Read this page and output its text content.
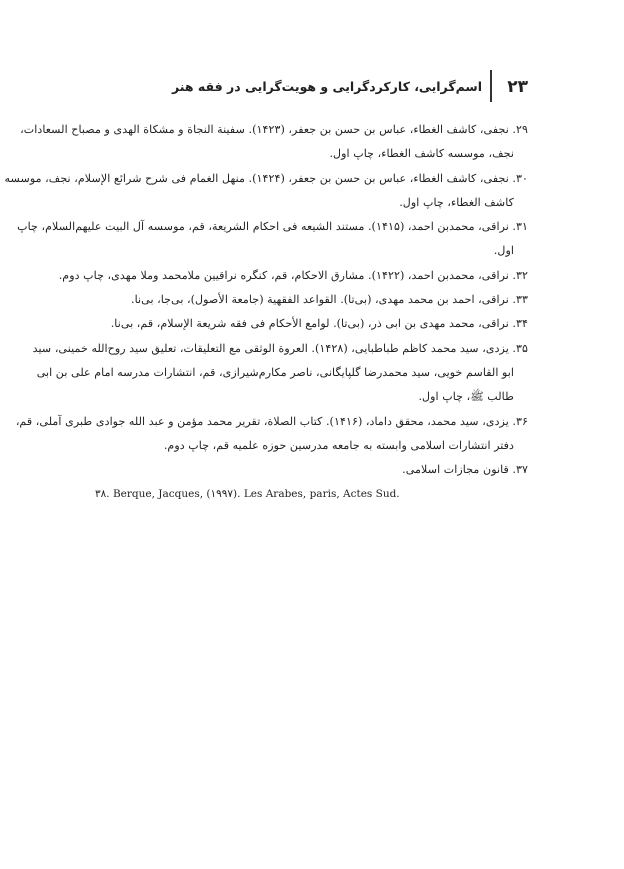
۲۳
اسم‌گرایی، کارکردگرایی و هویت‌گرایی در فقه هنر
۲۹. نجفی، کاشف الغطاء، عباس بن حسن بن جعفر، (۱۴۲۳). سفینة النجاة و مشکاة الهدی و مصباح السعادات،
نجف، موسسه کاشف الغطاء، چاپ اول.
۳۰. نجفی، کاشف الغطاء، عباس بن حسن بن جعفر، (۱۴۲۴). منهل الغمام فی شرح شرائع الإسلام، نجف، موسسه
کاشف الغطاء، چاپ اول.
۳۱. نراقی، محمدبن احمد، (۱۴۱۵). مستند الشیعه فی احکام الشریعة، قم، موسسه آل البیت علیهم‌السلام، چاپ
اول.
۳۲. نراقی، محمدبن احمد، (۱۴۲۲). مشارق الاحکام، قم، کنگره نراقیین ملامحمد وملا مهدی، چاپ دوم.
۳۳. نراقی، احمد بن محمد مهدی، (بی‌تا). القواعد الفقهیة (جامعة الأصول)، بی‌جا، بی‌نا.
۳۴. نراقی، محمد مهدی بن ابی ذر، (بی‌تا). لوامع الأحکام فی فقه شریعة الإسلام، قم، بی‌نا.
۳۵. یزدی، سید محمد کاظم طباطبایی، (۱۴۲۸). العروة الوثقی مع التعلیقات، تعلیق سید روح‌الله خمینی، سید
ابو القاسم خویی، سید محمدرضا گلپایگانی، ناصر مکارم‌شیرازی، قم، انتشارات مدرسه امام علی بن ابی
طالب ﷺ، چاپ اول.
۳۶. یزدی، سید محمد، محقق داماد، (۱۴۱۶). کتاب الصلاة، تقریر محمد مؤمن و عبد الله جوادی طبری آملی، قم،
دفتر انتشارات اسلامی وابسته به جامعه مدرسین حوزه علمیه قم، چاپ دوم.
۳۷. قانون مجازات اسلامی.
۳۸. Berque, Jacques, (۱۹۹۷). Les Arabes, paris, Actes Sud.
